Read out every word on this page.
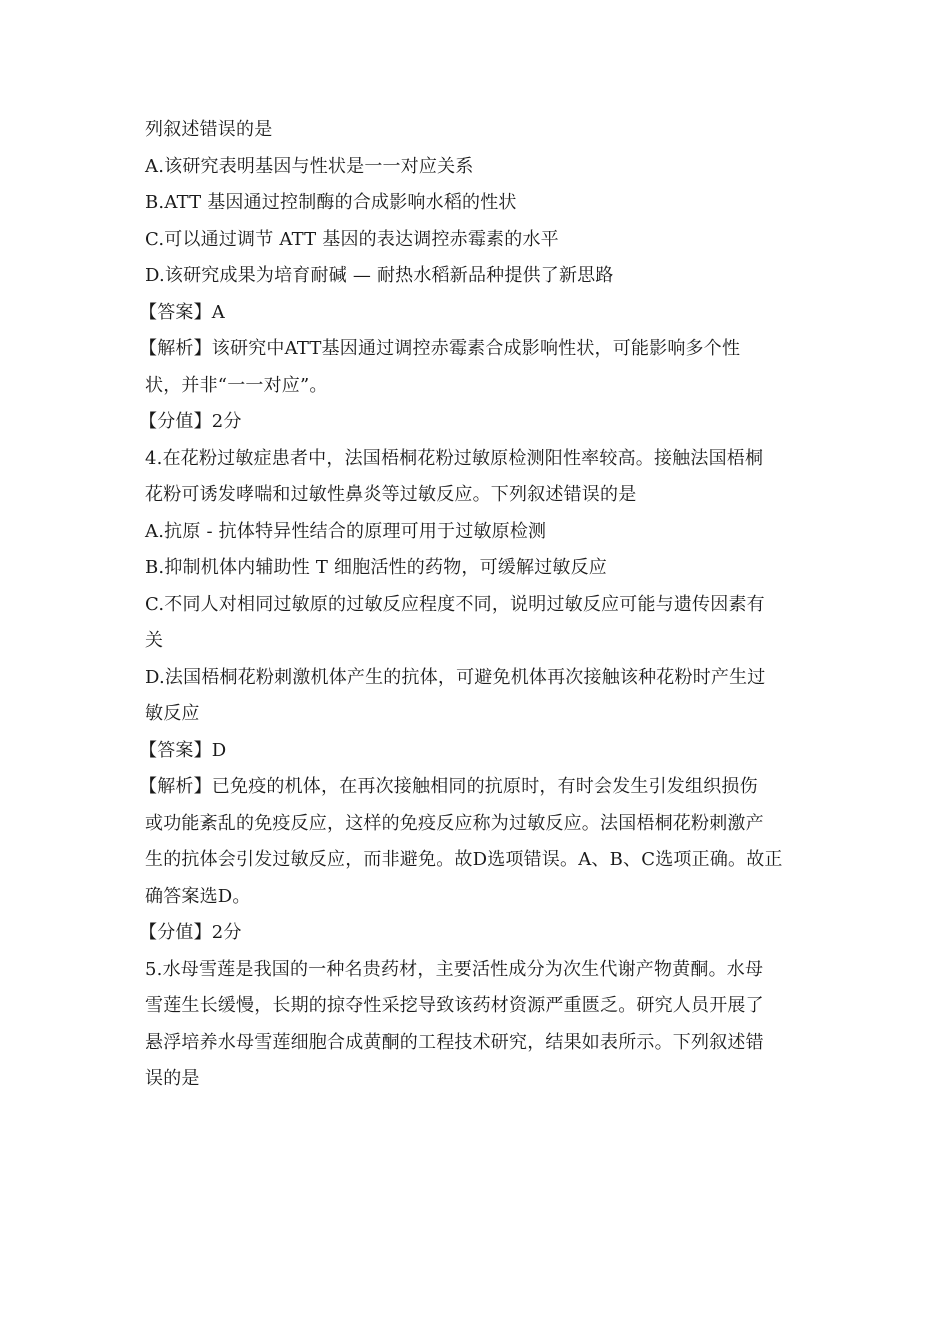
列叙述错误的是
A.该研究表明基因与性状是一一对应关系
B.ATT 基因通过控制酶的合成影响水稻的性状
C.可以通过调节 ATT 基因的表达调控赤霉素的水平
D.该研究成果为培育耐碱 — 耐热水稻新品种提供了新思路
【答案】A
【解析】该研究中ATT基因通过调控赤霉素合成影响性状，可能影响多个性
状，并非“一一对应”。
【分值】2分
4.在花粉过敏症患者中，法国梧桐花粉过敏原检测阳性率较高。接触法国梧桐
花粉可诱发哮喘和过敏性鼻炎等过敏反应。下列叙述错误的是
A.抗原 - 抗体特异性结合的原理可用于过敏原检测
B.抑制机体内辅助性 T 细胞活性的药物，可缓解过敏反应
C.不同人对相同过敏原的过敏反应程度不同，说明过敏反应可能与遗传因素有
关
D.法国梧桐花粉刺激机体产生的抗体，可避免机体再次接触该种花粉时产生过
敏反应
【答案】D
【解析】已免疫的机体，在再次接触相同的抗原时，有时会发生引发组织损伤
或功能紊乱的免疫反应，这样的免疫反应称为过敏反应。法国梧桐花粉刺激产
生的抗体会引发过敏反应，而非避免。故D选项错误。A、B、C选项正确。故正
确答案选D。
【分值】2分
5.水母雪莲是我国的一种名贵药材，主要活性成分为次生代谢产物黄酮。水母
雪莲生长缓慢，长期的掠夺性采挖导致该药材资源严重匮乏。研究人员开展了
悬浮培养水母雪莲细胞合成黄酮的工程技术研究，结果如表所示。下列叙述错
误的是
